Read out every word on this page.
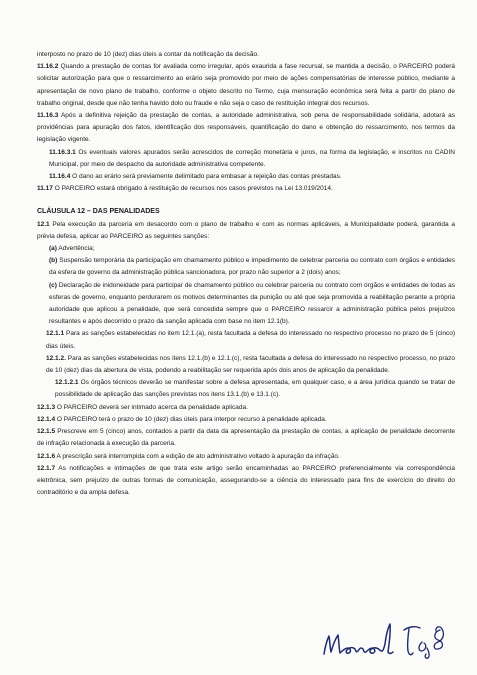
interposto no prazo de 10 (dez) dias úteis a contar da notificação da decisão.

11.16.2 Quando a prestação de contas for avaliada como irregular, após exaurida a fase recursal, se mantida a decisão, o PARCEIRO poderá solicitar autorização para que o ressarcimento ao erário seja promovido por meio de ações compensatórias de interesse público, mediante a apresentação de novo plano de trabalho, conforme o objeto descrito no Termo, cuja mensuração econômica será feita a partir do plano de trabalho original, desde que não tenha havido dolo ou fraude e não seja o caso de restituição integral dos recursos.

11.16.3 Após a definitiva rejeição da prestação de contas, a autoridade administrativa, sob pena de responsabilidade solidária, adotará as providências para apuração dos fatos, identificação dos responsáveis, quantificação do dano e obtenção do ressarcimento, nos termos da legislação vigente.

11.16.3.1 Os eventuais valores apurados serão acrescidos de correção monetária e juros, na forma da legislação, e inscritos no CADIN Municipal, por meio de despacho da autoridade administrativa competente.

11.16.4 O dano ao erário será previamente delimitado para embasar a rejeição das contas prestadas.

11.17 O PARCEIRO estará obrigado à restituição de recursos nos casos previstos na Lei 13.019/2014.

CLÁUSULA 12 – DAS PENALIDADES

12.1 Pela execução da parceria em desacordo com o plano de trabalho e com as normas aplicáveis, a Municipalidade poderá, garantida a prévia defesa, aplicar ao PARCEIRO as seguintes sanções:

(a) Advertência;

(b) Suspensão temporária da participação em chamamento público e impedimento de celebrar parceria ou contrato com órgãos e entidades da esfera de governo da administração pública sancionadora, por prazo não superior a 2 (dois) anos;

(c) Declaração de inidoneidade para participar de chamamento público ou celebrar parceria ou contrato com órgãos e entidades de todas as esferas de governo, enquanto perdurarem os motivos determinantes da punição ou até que seja promovida a reabilitação perante a própria autoridade que aplicou a penalidade, que será concedida sempre que o PARCEIRO ressarcir a administração pública pelos prejuízos resultantes e após decorrido o prazo da sanção aplicada com base no item 12.1(b).

12.1.1 Para as sanções estabelecidas no item 12.1.(a), resta facultada a defesa do interessado no respectivo processo no prazo de 5 (cinco) dias úteis.

12.1.2. Para as sanções estabelecidas nos itens 12.1.(b) e 12.1.(c), resta facultada a defesa do interessado no respectivo processo, no prazo de 10 (dez) dias da abertura de vista, podendo a reabilitação ser requerida após dois anos de aplicação da penalidade.

12.1.2.1 Os órgãos técnicos deverão se manifestar sobre a defesa apresentada, em qualquer caso, e a área jurídica quando se tratar de possibilidade de aplicação das sanções previstas nos itens 13.1.(b) e 13.1.(c).

12.1.3 O PARCEIRO deverá ser intimado acerca da penalidade aplicada.

12.1.4 O PARCEIRO terá o prazo de 10 (dez) dias úteis para interpor recurso à penalidade aplicada.

12.1.5 Prescreve em 5 (cinco) anos, contados a partir da data da apresentação da prestação de contas, a aplicação de penalidade decorrente de infração relacionada à execução da parceria.

12.1.6 A prescrição será interrompida com a edição de ato administrativo voltado à apuração da infração.

12.1.7 As notificações e intimações de que trata este artigo serão encaminhadas ao PARCEIRO preferencialmente via correspondência eletrônica, sem prejuízo de outras formas de comunicação, assegurando-se a ciência do interessado para fins de exercício do direito do contraditório e da ampla defesa.
